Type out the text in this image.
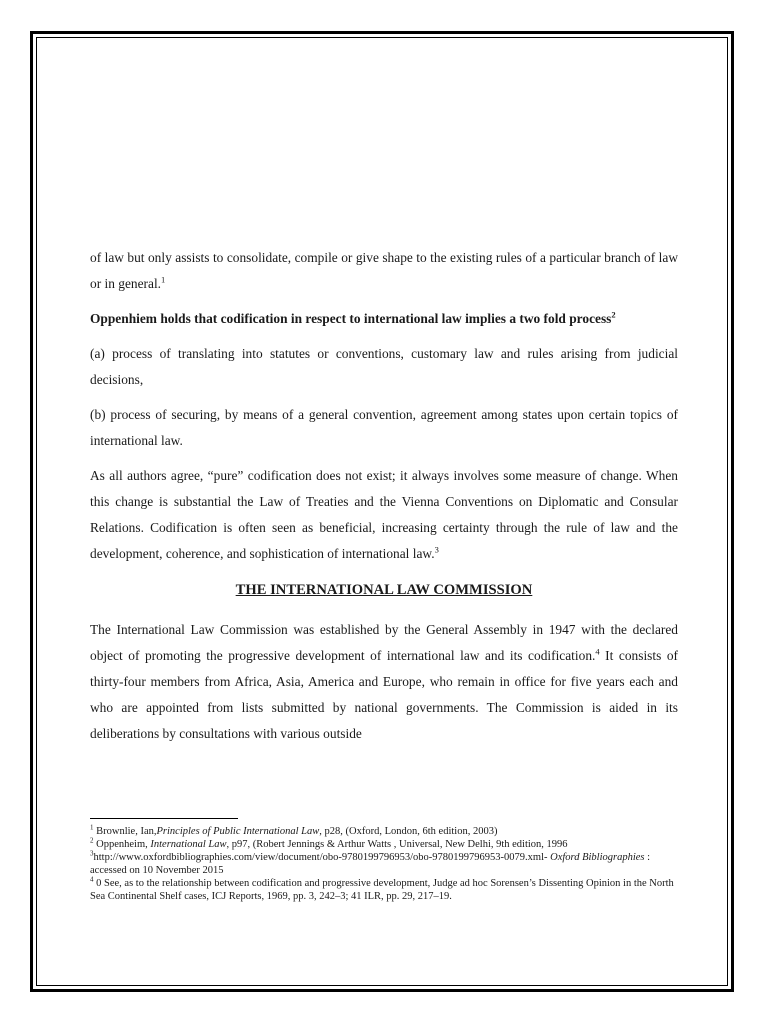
of law but only assists to consolidate, compile or give shape to the existing rules of a particular branch of law or in general.$^1$

Oppenhiem holds that codification in respect to international law implies a two fold process$^2$

(a) process of translating into statutes or conventions, customary law and rules arising from judicial decisions,

(b) process of securing, by means of a general convention, agreement among states upon certain topics of international law.

As all authors agree, “pure” codification does not exist; it always involves some measure of change. When this change is substantial the Law of Treaties and the Vienna Conventions on Diplomatic and Consular Relations. Codification is often seen as beneficial, increasing certainty through the rule of law and the development, coherence, and sophistication of international law.$^3$

THE INTERNATIONAL LAW COMMISSION

The International Law Commission was established by the General Assembly in 1947 with the declared object of promoting the progressive development of international law and its codification.$^4$ It consists of thirty-four members from Africa, Asia, America and Europe, who remain in office for five years each and who are appointed from lists submitted by national governments. The Commission is aided in its deliberations by consultations with various outside

$^1$ Brownlie, Ian,Principles of Public International Law, p28, (Oxford, London, 6th edition, 2003)

$^2$ Oppenheim, International Law, p97, (Robert Jennings & Arthur Watts , Universal, New Delhi, 9th edition, 1996

$^3$http://www.oxfordbibliographies.com/view/document/obo-9780199796953/obo-9780199796953-0079.xml- Oxford Bibliographies : accessed on 10 November 2015

$^4$ 0 See, as to the relationship between codification and progressive development, Judge ad hoc Sorensen’s Dissenting Opinion in the North Sea Continental Shelf cases, ICJ Reports, 1969, pp. 3, 242–3; 41 ILR, pp. 29, 217–19.
